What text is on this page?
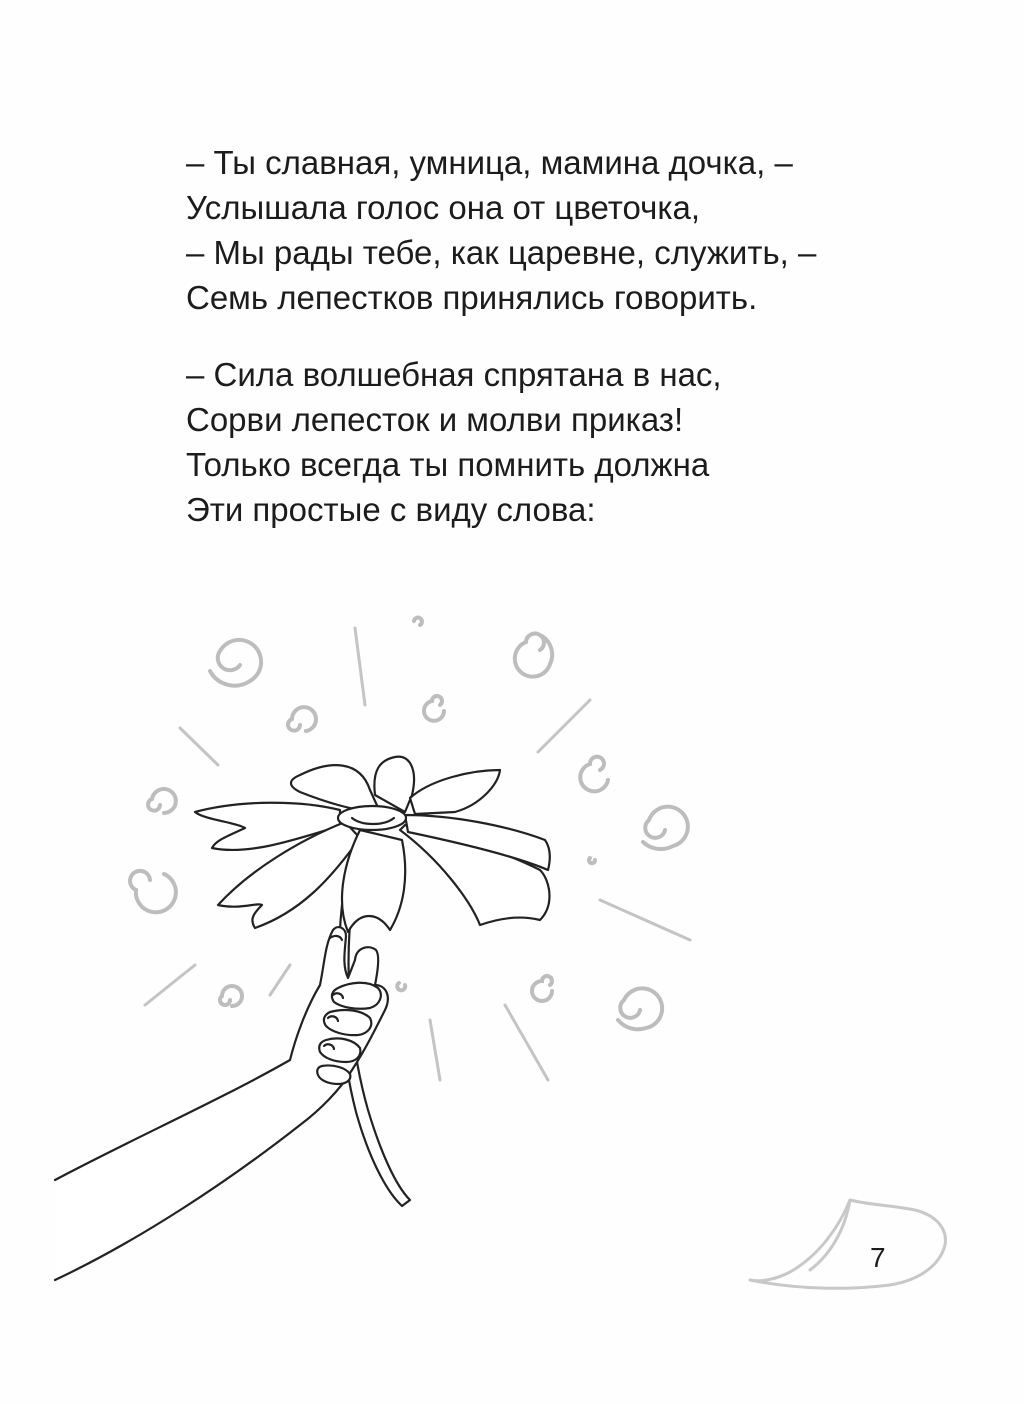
– Ты славная, умница, мамина дочка, –
Услышала голос она от цветочка,
– Мы рады тебе, как царевне, служить, –
Семь лепестков принялись говорить.
– Сила волшебная спрятана в нас,
Сорви лепесток и молви приказ!
Только всегда ты помнить должна
Эти простые с виду слова:
7
